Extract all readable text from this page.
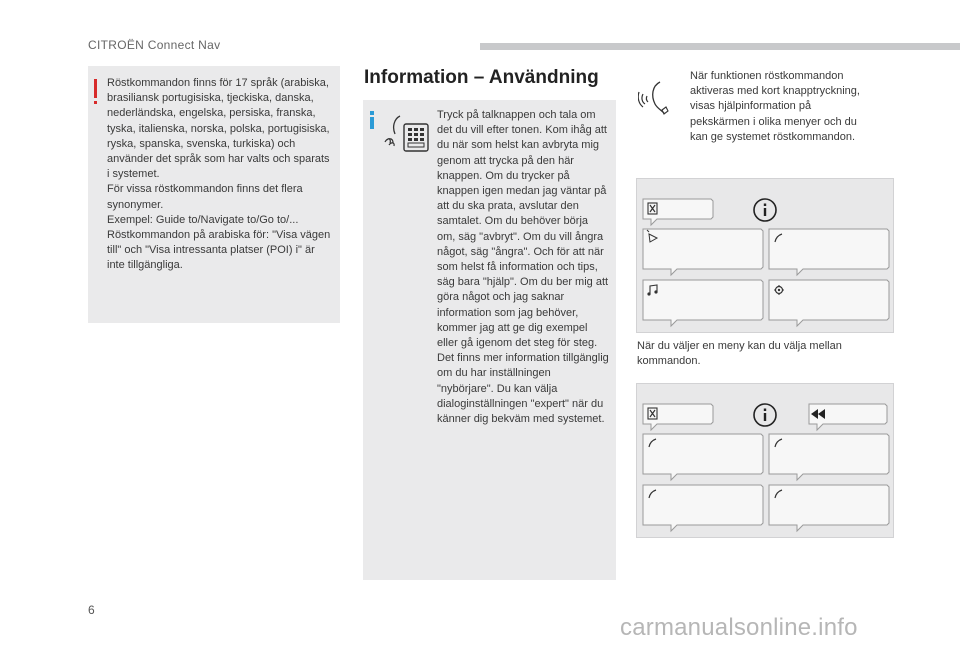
CITROËN Connect Nav
Röstkommandon finns för 17 språk (arabiska, brasiliansk portugisiska, tjeckiska, danska, nederländska, engelska, persiska, franska, tyska, italienska, norska, polska, portugisiska, ryska, spanska, svenska, turkiska) och använder det språk som har valts och sparats i systemet.
För vissa röstkommandon finns det flera synonymer.
Exempel: Guide to/Navigate to/Go to/...
Röstkommandon på arabiska för: "Visa vägen till" och "Visa intressanta platser (POI) i" är inte tillgängliga.
Information – Användning
Tryck på talknappen och tala om det du vill efter tonen. Kom ihåg att du när som helst kan avbryta mig genom att trycka på den här knappen. Om du trycker på knappen igen medan jag väntar på att du ska prata, avslutar den samtalet. Om du behöver börja om, säg "avbryt". Om du vill ångra något, säg "ångra". Och för att när som helst få information och tips, säg bara "hjälp". Om du ber mig att göra något och jag saknar information som jag behöver, kommer jag att ge dig exempel eller gå igenom det steg för steg. Det finns mer information tillgänglig om du har inställningen "nybörjare". Du kan välja dialoginställningen "expert" när du känner dig bekväm med systemet.
När funktionen röstkommandon aktiveras med kort knapptryckning, visas hjälpinformation på pekskärmen i olika menyer och du kan ge systemet röstkommandon.
När du väljer en meny kan du välja mellan kommandon.
6
carmanualsonline.info
